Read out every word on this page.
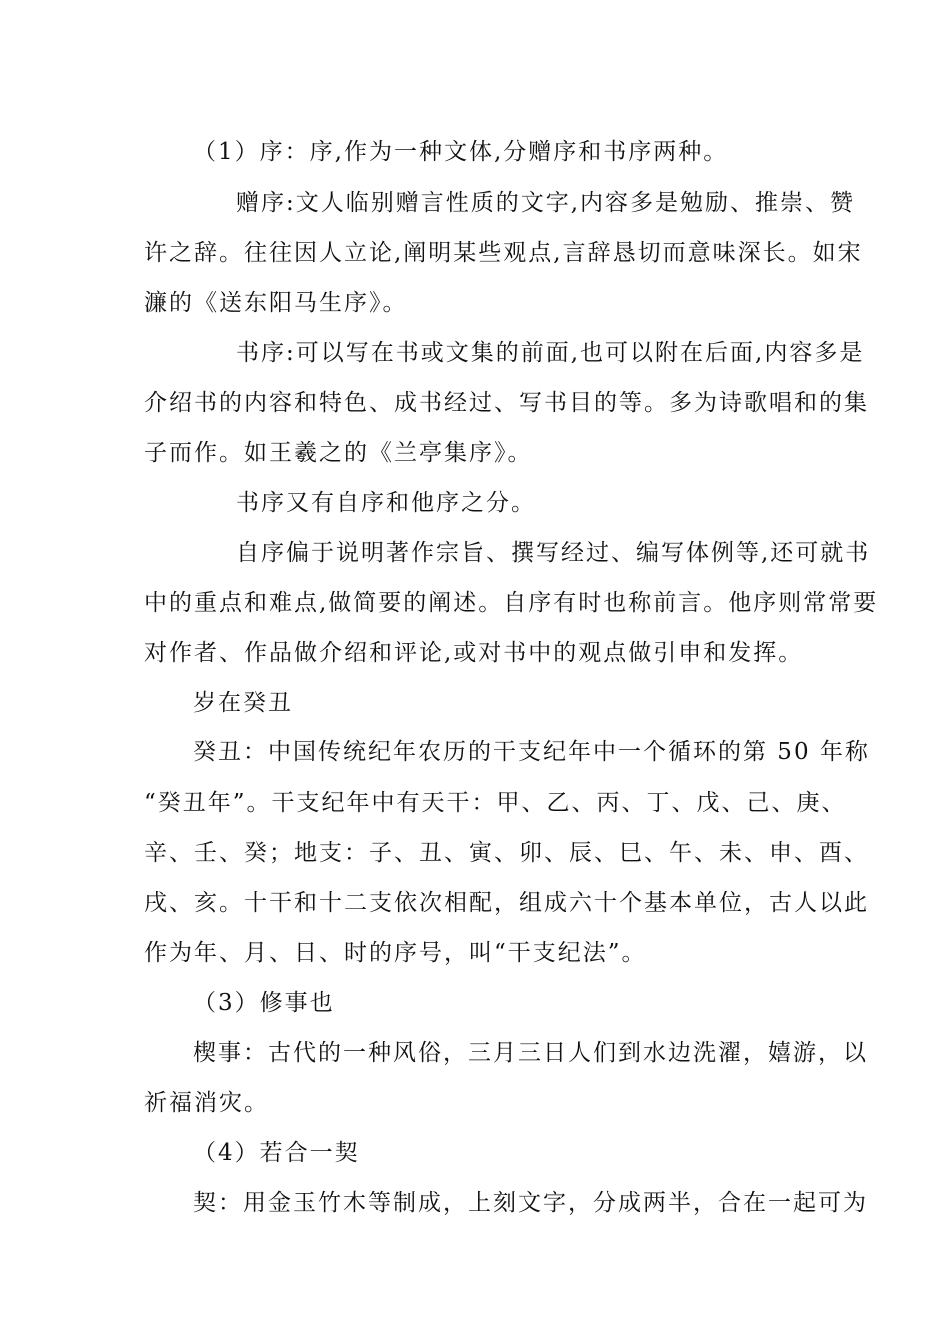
（1）序：序,作为一种文体,分赠序和书序两种。
赠序:文人临别赠言性质的文字,内容多是勉励、推崇、赞
许之辞。往往因人立论,阐明某些观点,言辞恳切而意味深长。如宋
濂的《送东阳马生序》。
书序:可以写在书或文集的前面,也可以附在后面,内容多是
介绍书的内容和特色、成书经过、写书目的等。多为诗歌唱和的集
子而作。如王羲之的《兰亭集序》。
书序又有自序和他序之分。
自序偏于说明著作宗旨、撰写经过、编写体例等,还可就书
中的重点和难点,做简要的阐述。自序有时也称前言。他序则常常要
对作者、作品做介绍和评论,或对书中的观点做引申和发挥。
岁在癸丑
癸丑：中国传统纪年农历的干支纪年中一个循环的第 50 年称
“癸丑年”。干支纪年中有天干：甲、乙、丙、丁、戊、己、庚、
辛、壬、癸；地支：子、丑、寅、卯、辰、巳、午、未、申、酉、
戌、亥。十干和十二支依次相配，组成六十个基本单位，古人以此
作为年、月、日、时的序号，叫“干支纪法”。
（3）修事也
楔事：古代的一种风俗，三月三日人们到水边洗濯，嬉游，以
祈福消灾。
（4）若合一契
契：用金玉竹木等制成，上刻文字，分成两半，合在一起可为
